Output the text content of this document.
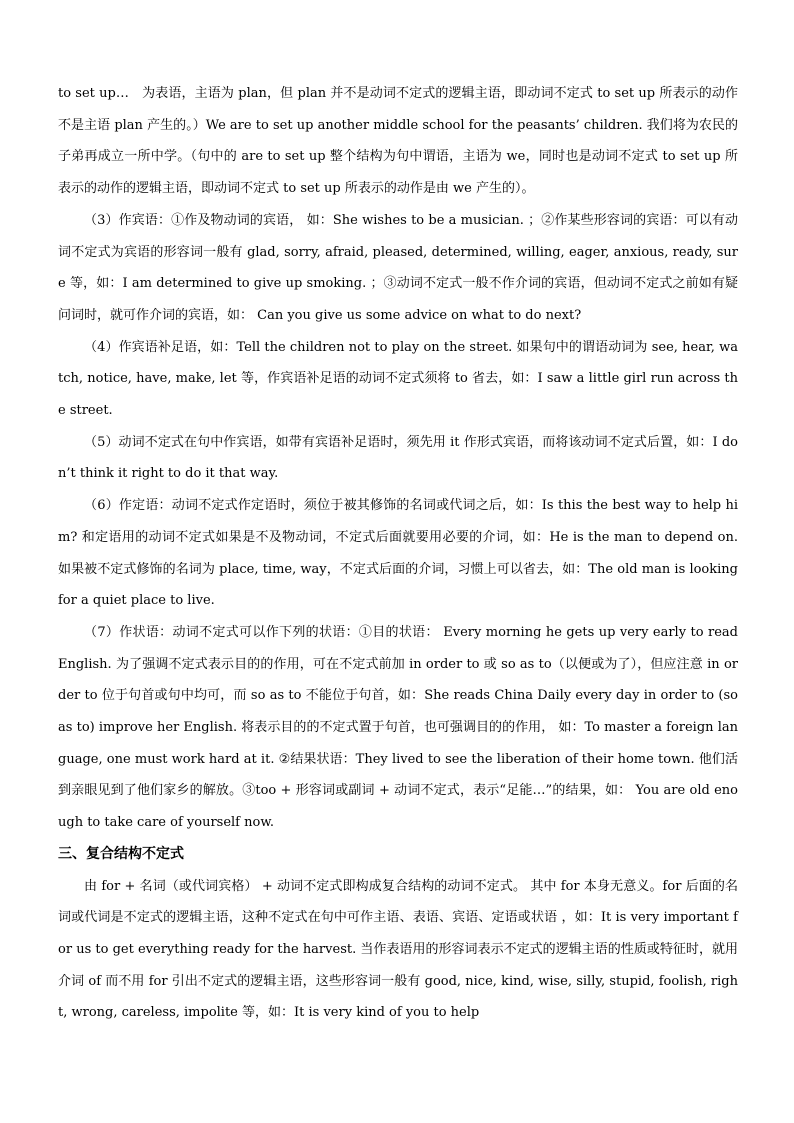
to set up…　为表语，主语为 plan，但 plan 并不是动词不定式的逻辑主语，即动词不定式 to set up 所表示的动作不是主语 plan 产生的。）We are to set up another middle school for the peasants’ children. 我们将为农民的子弟再成立一所中学。（句中的 are to set up 整个结构为句中谓语，主语为 we，同时也是动词不定式 to set up 所表示的动作的逻辑主语，即动词不定式 to set up 所表示的动作是由 we 产生的）。

（3）作宾语：①作及物动词的宾语， 如：She wishes to be a musician. ；②作某些形容词的宾语：可以有动词不定式为宾语的形容词一般有 glad, sorry, afraid, pleased, determined, willing, eager, anxious, ready, sure 等，如：I am determined to give up smoking. ；③动词不定式一般不作介词的宾语，但动词不定式之前如有疑问词时，就可作介词的宾语，如： Can you give us some advice on what to do next?

（4）作宾语补足语，如：Tell the children not to play on the street. 如果句中的谓语动词为 see, hear, watch, notice, have, make, let 等，作宾语补足语的动词不定式须将 to 省去，如：I saw a little girl run across the street.

（5）动词不定式在句中作宾语，如带有宾语补足语时，须先用 it 作形式宾语，而将该动词不定式后置，如：I don’t think it right to do it that way.

（6）作定语：动词不定式作定语时，须位于被其修饰的名词或代词之后，如：Is this the best way to help him? 和定语用的动词不定式如果是不及物动词，不定式后面就要用必要的介词，如：He is the man to depend on. 如果被不定式修饰的名词为 place, time, way，不定式后面的介词，习惯上可以省去，如：The old man is looking for a quiet place to live.

（7）作状语：动词不定式可以作下列的状语：①目的状语： Every morning he gets up very early to read English. 为了强调不定式表示目的的作用，可在不定式前加 in order to 或 so as to（以便或为了），但应注意 in order to 位于句首或句中均可，而 so as to 不能位于句首，如：She reads China Daily every day in order to (so as to) improve her English. 将表示目的的不定式置于句首，也可强调目的的作用， 如：To master a foreign language, one must work hard at it. ②结果状语：They lived to see the liberation of their home town. 他们活到亲眼见到了他们家乡的解放。③too + 形容词或副词 + 动词不定式，表示“足能…”的结果，如： You are old enough to take care of yourself now.

三、复合结构不定式

由 for + 名词（或代词宾格） + 动词不定式即构成复合结构的动词不定式。 其中 for 本身无意义。for 后面的名词或代词是不定式的逻辑主语，这种不定式在句中可作主语、表语、宾语、定语或状语 ，如：It is very important for us to get everything ready for the harvest. 当作表语用的形容词表示不定式的逻辑主语的性质或特征时，就用介词 of 而不用 for 引出不定式的逻辑主语，这些形容词一般有 good, nice, kind, wise, silly, stupid, foolish, right, wrong, careless, impolite 等，如：It is very kind of you to help
